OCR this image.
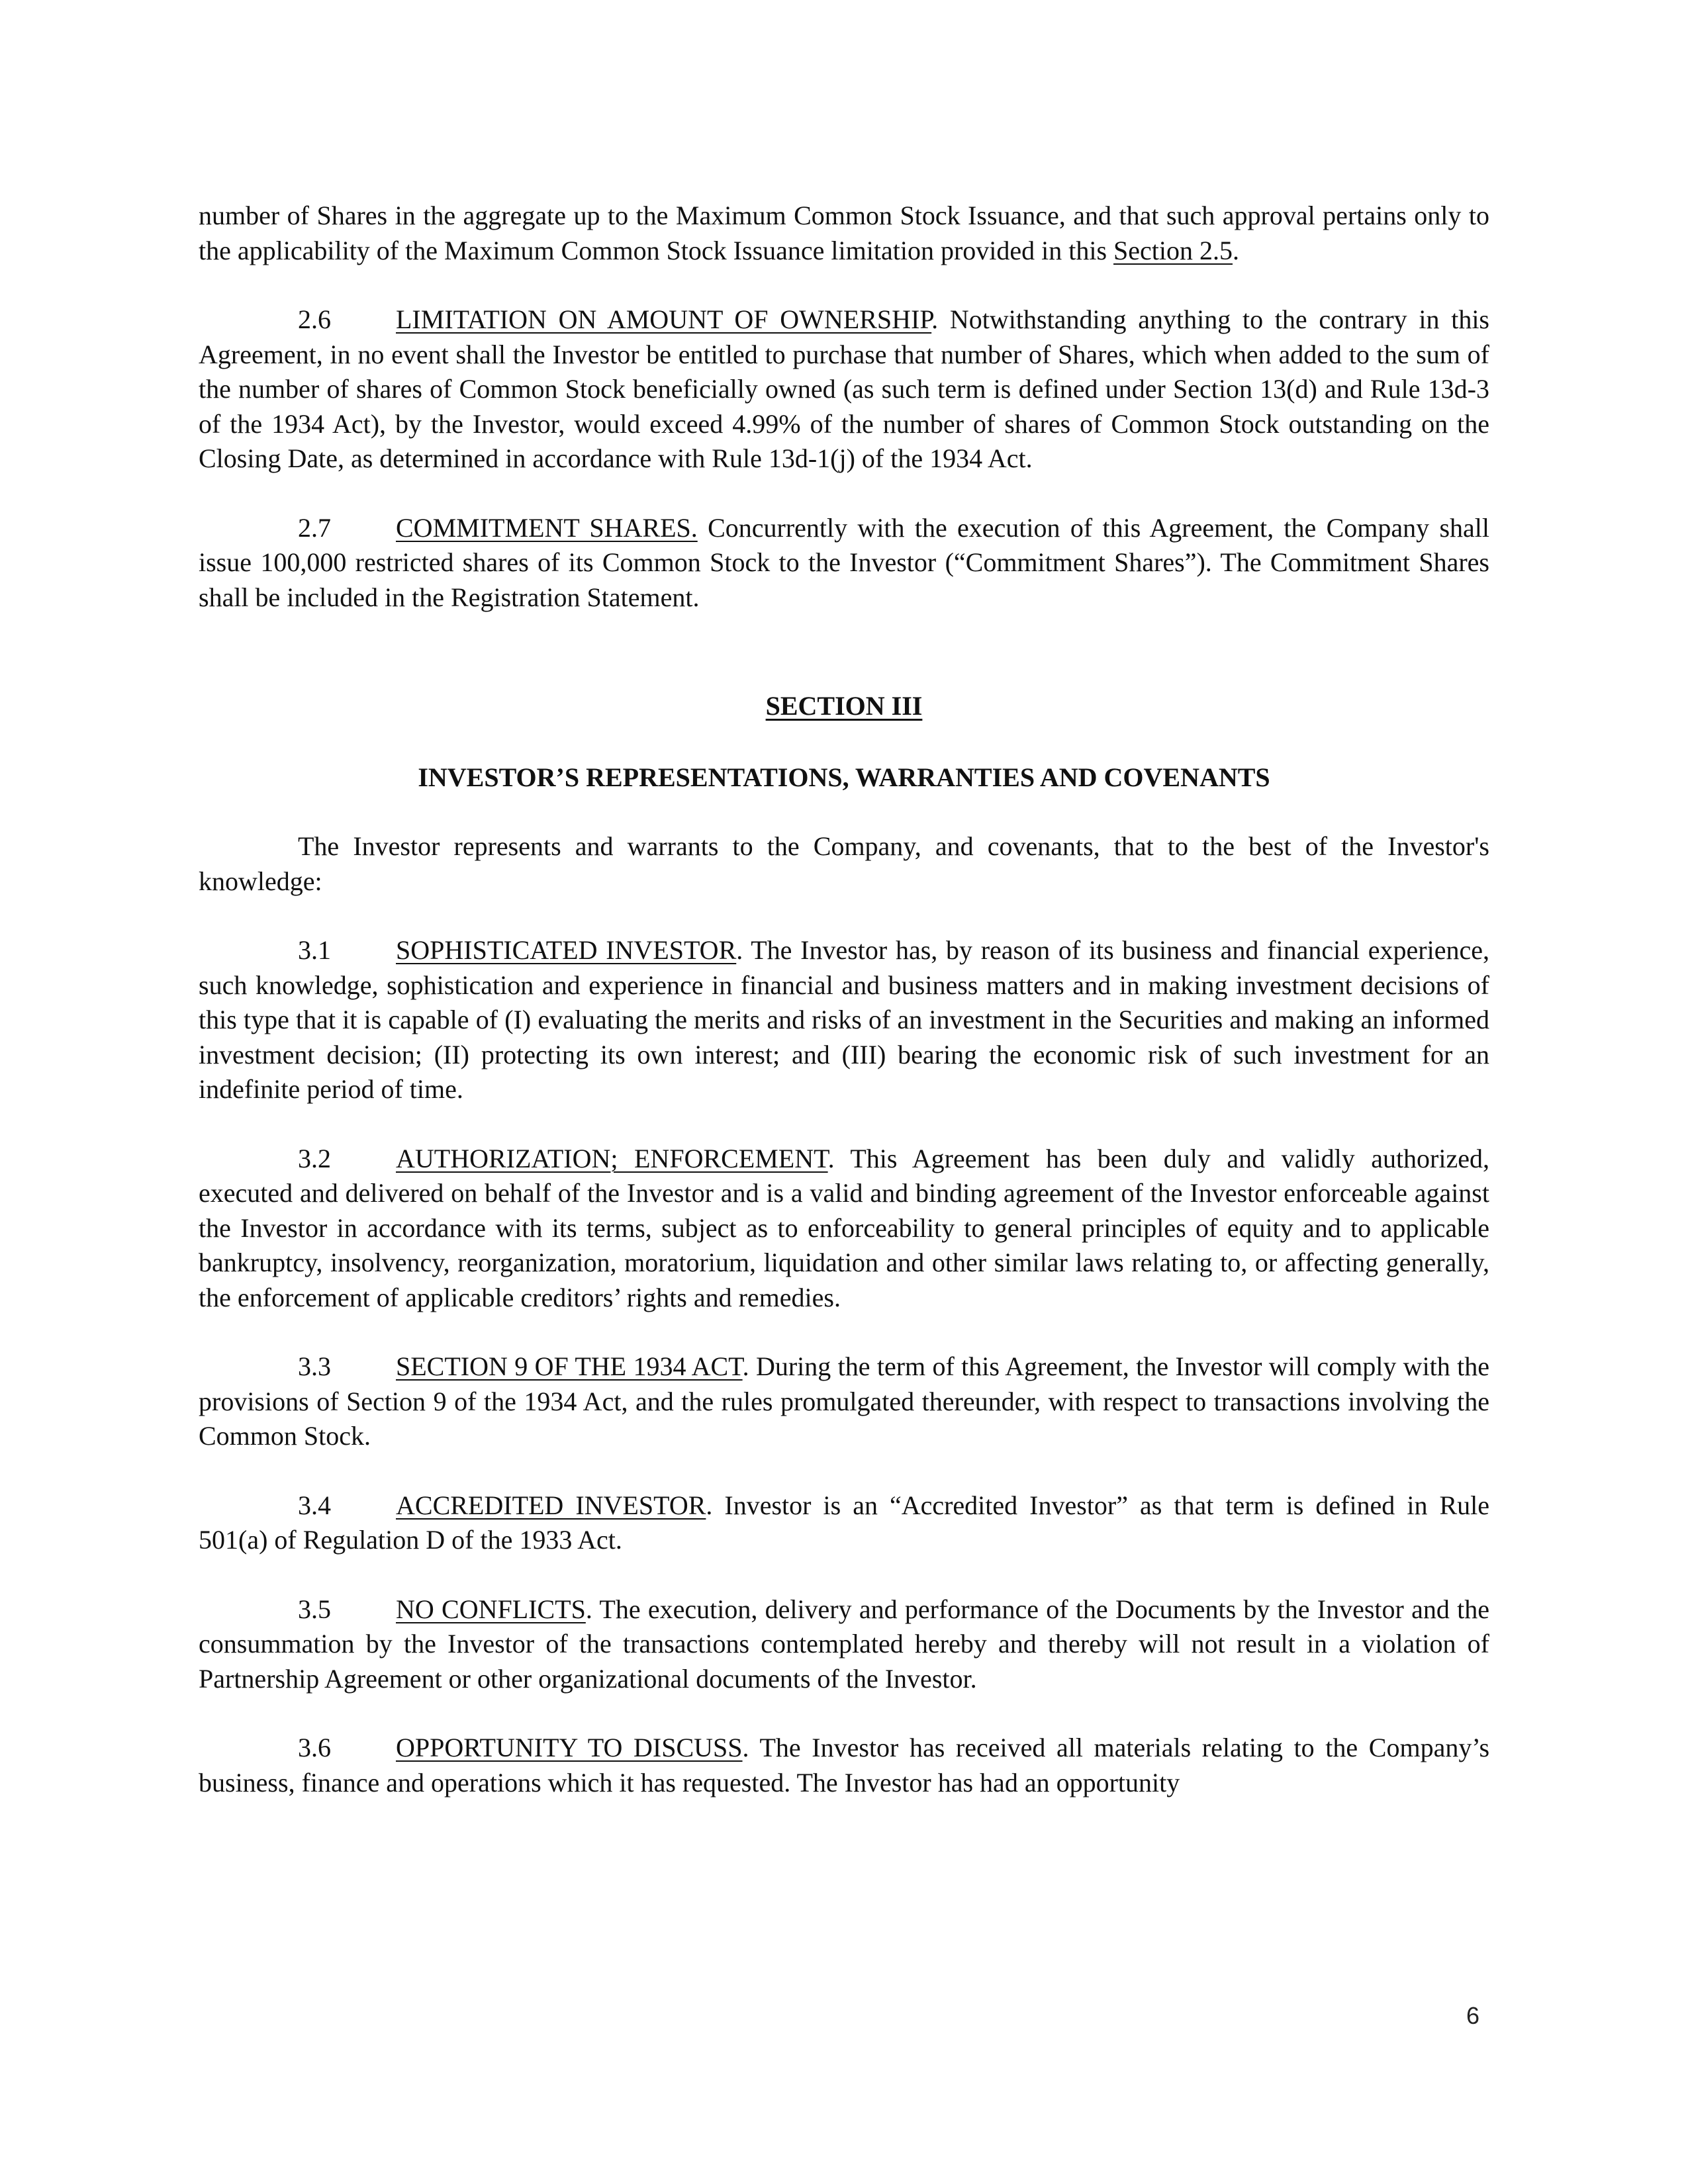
number of Shares in the aggregate up to the Maximum Common Stock Issuance, and that such approval pertains only to the applicability of the Maximum Common Stock Issuance limitation provided in this Section 2.5.

2.6 LIMITATION ON AMOUNT OF OWNERSHIP. Notwithstanding anything to the contrary in this Agreement, in no event shall the Investor be entitled to purchase that number of Shares, which when added to the sum of the number of shares of Common Stock beneficially owned (as such term is defined under Section 13(d) and Rule 13d-3 of the 1934 Act), by the Investor, would exceed 4.99% of the number of shares of Common Stock outstanding on the Closing Date, as determined in accordance with Rule 13d-1(j) of the 1934 Act.

2.7 COMMITMENT SHARES. Concurrently with the execution of this Agreement, the Company shall issue 100,000 restricted shares of its Common Stock to the Investor (“Commitment Shares”). The Commitment Shares shall be included in the Registration Statement.

SECTION III
INVESTOR’S REPRESENTATIONS, WARRANTIES AND COVENANTS

The Investor represents and warrants to the Company, and covenants, that to the best of the Investor's knowledge:

3.1 SOPHISTICATED INVESTOR. The Investor has, by reason of its business and financial experience, such knowledge, sophistication and experience in financial and business matters and in making investment decisions of this type that it is capable of (I) evaluating the merits and risks of an investment in the Securities and making an informed investment decision; (II) protecting its own interest; and (III) bearing the economic risk of such investment for an indefinite period of time.

3.2 AUTHORIZATION; ENFORCEMENT. This Agreement has been duly and validly authorized, executed and delivered on behalf of the Investor and is a valid and binding agreement of the Investor enforceable against the Investor in accordance with its terms, subject as to enforceability to general principles of equity and to applicable bankruptcy, insolvency, reorganization, moratorium, liquidation and other similar laws relating to, or affecting generally, the enforcement of applicable creditors’ rights and remedies.

3.3 SECTION 9 OF THE 1934 ACT. During the term of this Agreement, the Investor will comply with the provisions of Section 9 of the 1934 Act, and the rules promulgated thereunder, with respect to transactions involving the Common Stock.

3.4 ACCREDITED INVESTOR. Investor is an “Accredited Investor” as that term is defined in Rule 501(a) of Regulation D of the 1933 Act.

3.5 NO CONFLICTS. The execution, delivery and performance of the Documents by the Investor and the consummation by the Investor of the transactions contemplated hereby and thereby will not result in a violation of Partnership Agreement or other organizational documents of the Investor.

3.6 OPPORTUNITY TO DISCUSS. The Investor has received all materials relating to the Company’s business, finance and operations which it has requested. The Investor has had an opportunity

6
